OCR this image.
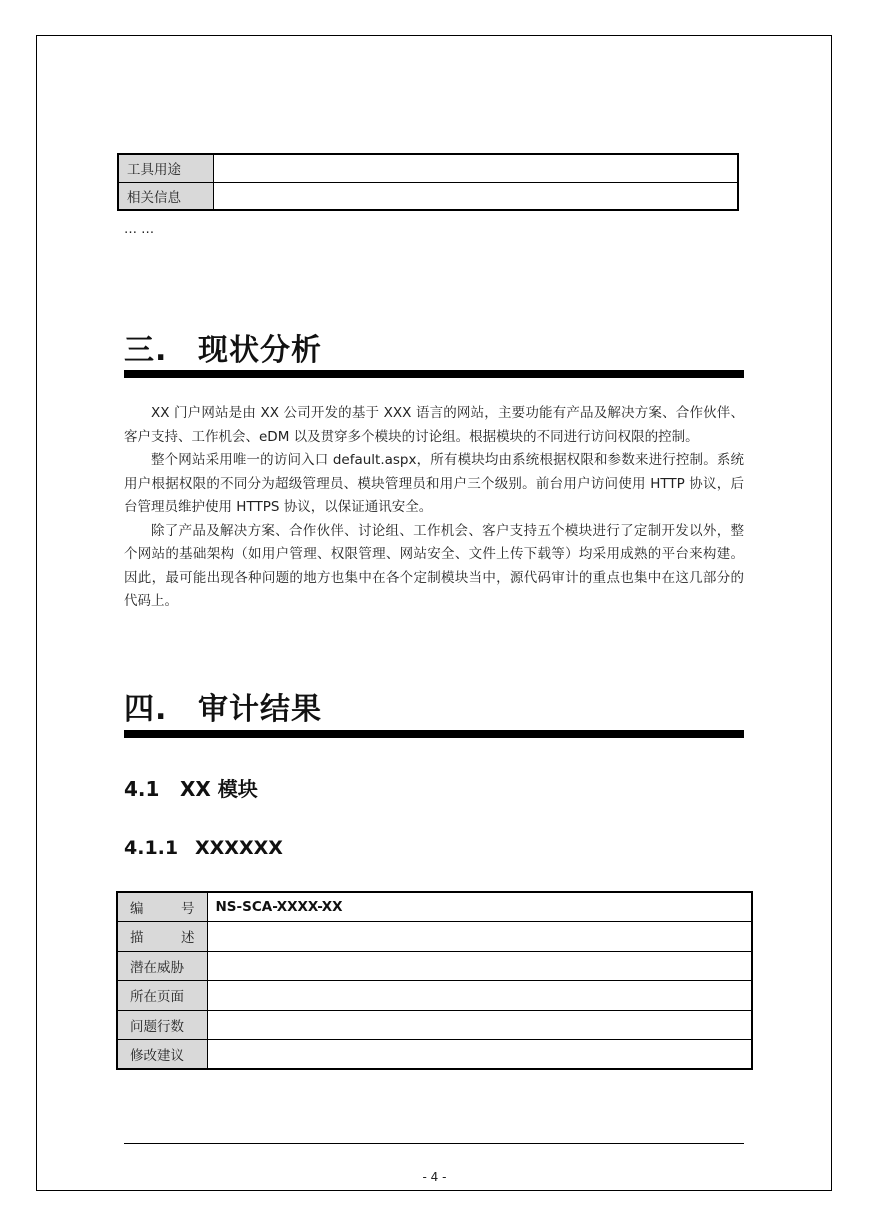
工具用途	
相关信息	
… …
三. 现状分析

XX 门户网站是由 XX 公司开发的基于 XXX 语言的网站，主要功能有产品及解决方案、合作伙伴、客户支持、工作机会、eDM 以及贯穿多个模块的讨论组。根据模块的不同进行访问权限的控制。

整个网站采用唯一的访问入口 default.aspx，所有模块均由系统根据权限和参数来进行控制。系统用户根据权限的不同分为超级管理员、模块管理员和用户三个级别。前台用户访问使用 HTTP 协议，后台管理员维护使用 HTTPS 协议，以保证通讯安全。

除了产品及解决方案、合作伙伴、讨论组、工作机会、客户支持五个模块进行了定制开发以外，整个网站的基础架构（如用户管理、权限管理、网站安全、文件上传下载等）均采用成熟的平台来构建。因此，最可能出现各种问题的地方也集中在各个定制模块当中，源代码审计的重点也集中在这几部分的代码上。

四. 审计结果
4.1 XX 模块
4.1.1 XXXXXX
编 号	NS-SCA-XXXX-XX

描 述	

潜在威胁	
所在页面	
问题行数	
修改建议	
- 4 -
